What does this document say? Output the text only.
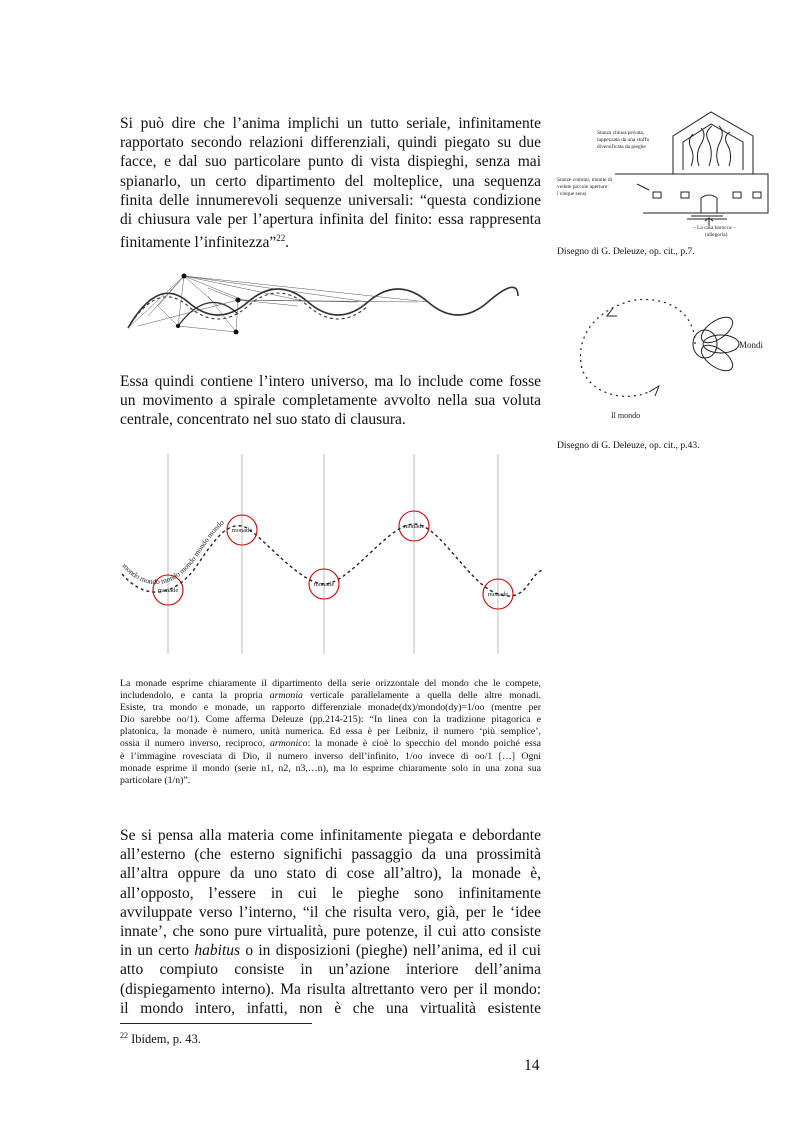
Si può dire che l’anima implichi un tutto seriale, infinitamente
rapportato secondo relazioni differenziali, quindi piegato su due
facce, e dal suo particolare punto di vista dispieghi, senza mai
spianarlo, un certo dipartimento del molteplice, una sequenza
finita delle innumerevoli sequenze universali: “questa condizione
di chiusura vale per l’apertura infinita del finito: essa rappresenta
finitamente l’infinitezza”$^{22}$.
Stanza chiusa privata,
tappezzata da una stoffa
diversificata da pieghe
Stanze comuni, munite di
vedute piccole aperture:
i cinque sensi
– La casa barocca –
(allegoria)
Disegno di G. Deleuze, op. cit., p.7.
Mondi
Il mondo
Disegno di G. Deleuze, op. cit., p.43.
Essa quindi contiene l’intero universo, ma lo include come fosse
un movimento a spirale completamente avvolto nella sua voluta
centrale, concentrato nel suo stato di clausura.
monade
monade
monade
monade
monade
mondo mondo mondo mondo mondo mondo
La monade esprime chiaramente il dipartimento della serie orizzontale del mondo che le compete,
includendolo, e canta la propria armonia verticale parallelamente a quella delle altre monadi.
Esiste, tra mondo e monade, un rapporto differenziale monade(dx)/mondo(dy)=1/oo (mentre per
Dio sarebbe oo/1). Come afferma Deleuze (pp.214-215): “In linea con la tradizione pitagorica e
platonica, la monade è numero, unità numerica. Ed essa è per Leibniz, il numero ‘più semplice’,
ossia il numero inverso, reciproco, armonico: la monade è cioè lo specchio del mondo poiché essa
è l’immagine rovesciata di Dio, il numero inverso dell’infinito, 1/oo invece di oo/1 […] Ogni
monade esprime il mondo (serie n1, n2, n3,…n), ma lo esprime chiaramente solo in una zona sua
particolare (1/n)”.
Se si pensa alla materia come infinitamente piegata e debordante
all’esterno (che esterno significhi passaggio da una prossimità
all’altra oppure da uno stato di cose all’altro), la monade è,
all’opposto, l’essere in cui le pieghe sono infinitamente
avviluppate verso l’interno, “il che risulta vero, già, per le ‘idee
innate’, che sono pure virtualità, pure potenze, il cui atto consiste
in un certo habitus o in disposizioni (pieghe) nell’anima, ed il cui
atto compiuto consiste in un’azione interiore dell’anima
(dispiegamento interno). Ma risulta altrettanto vero per il mondo:
il mondo intero, infatti, non è che una virtualità esistente
$^{22}$ Ibidem, p. 43.
14
